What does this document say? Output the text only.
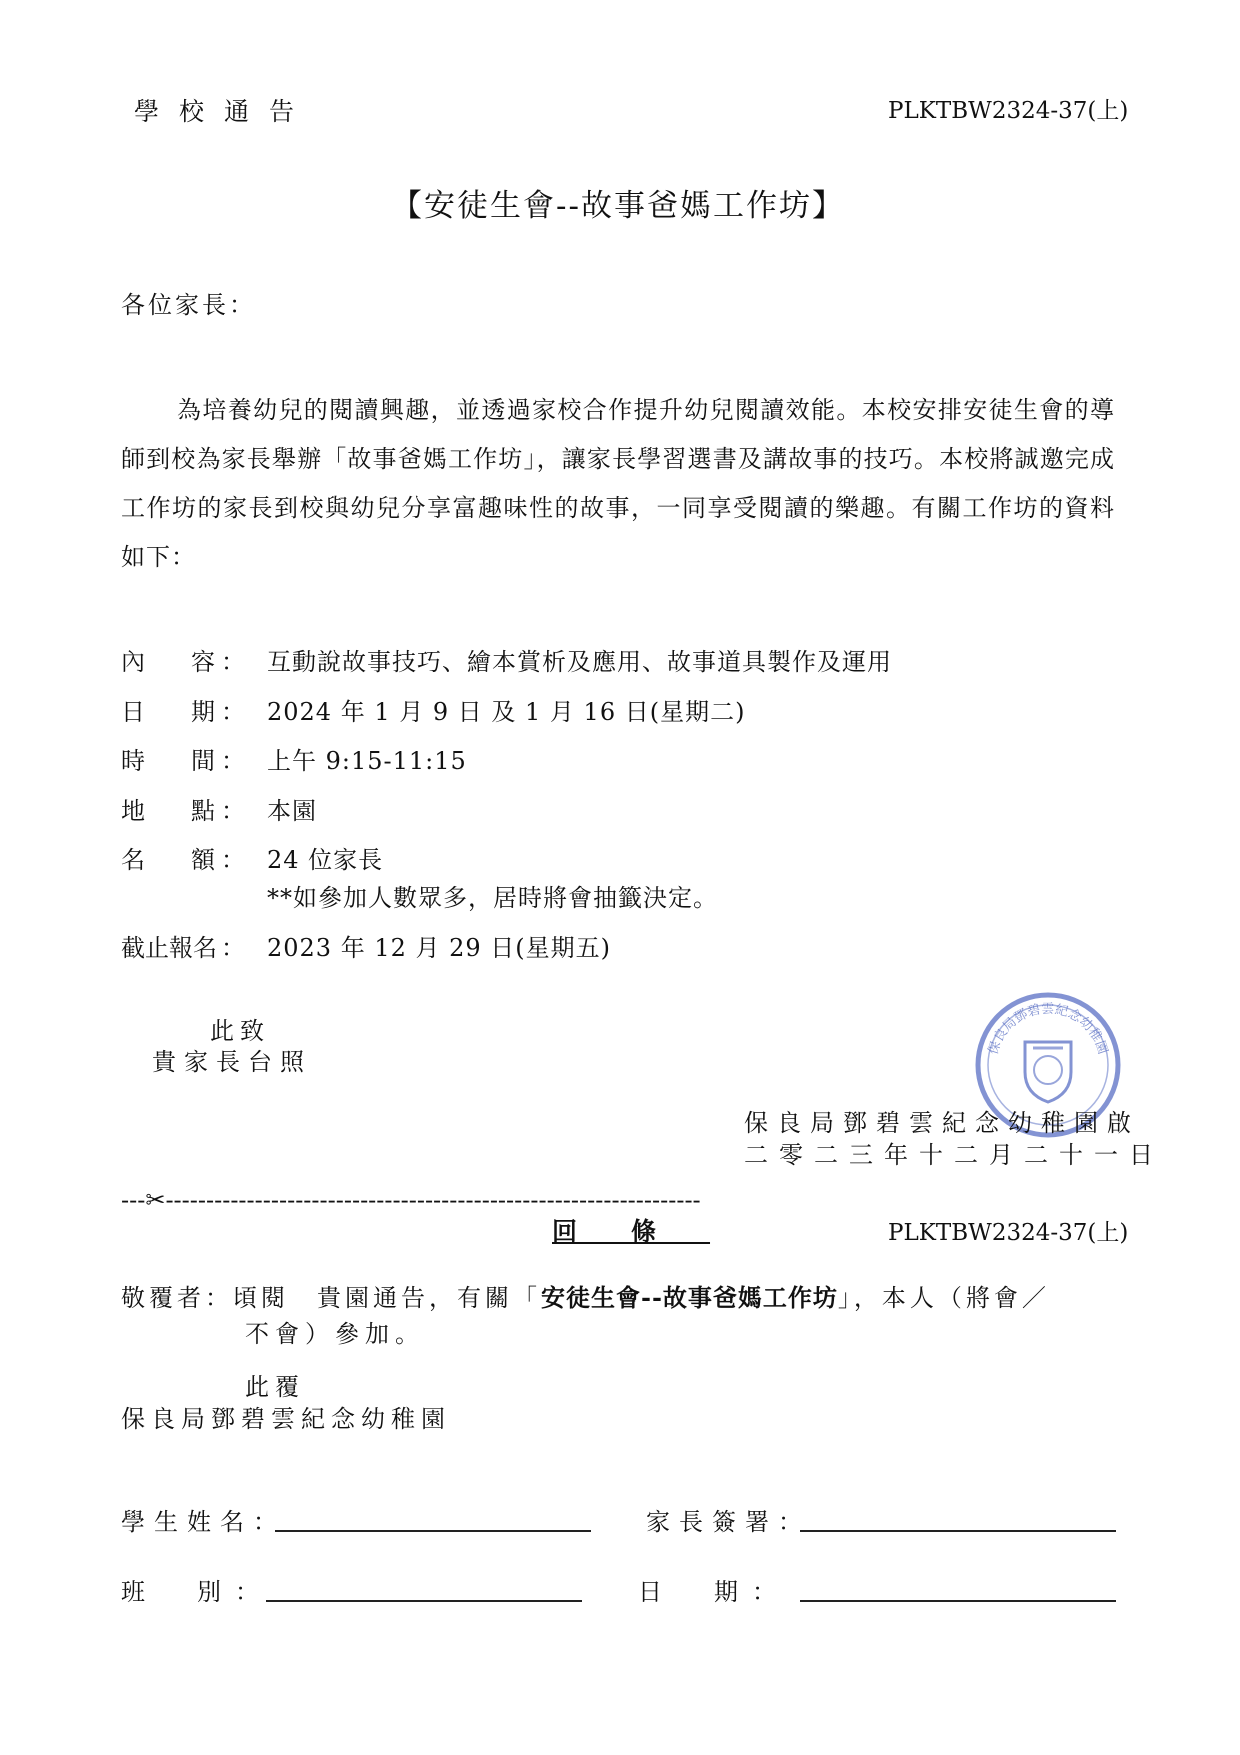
學校通告	PLKTBW2324-37(上)
【安徒生會--故事爸媽工作坊】
各位家長：

為培養幼兒的閱讀興趣，並透過家校合作提升幼兒閱讀效能。本校安排安徒生會的導師到校為家長舉辦「故事爸媽工作坊」，讓家長學習選書及講故事的技巧。本校將誠邀完成工作坊的家長到校與幼兒分享富趣味性的故事，一同享受閱讀的樂趣。有關工作坊的資料如下：

內容 ： 互動說故事技巧、繪本賞析及應用、故事道具製作及運用
日期 ： 2024 年 1 月 9 日 及 1 月 16 日(星期二)
時間 ： 上午 9:15-11:15
地點 ： 本園
名額 ： 24 位家長
**如參加人數眾多，居時將會抽籤決定。
截止報名 ： 2023 年 12 月 29 日(星期五)
此致
貴家長台照
保良局鄧碧雲紀念幼稚園
保良局鄧碧雲紀念幼稚園啟
二零二三年十二月二十一日
---✂------------------------------------------------------------------
回條	PLKTBW2324-37(上)
敬覆者：頃閱　貴園通告，有關「安徒生會--故事爸媽工作坊」，本人（將會／
不會）參加。
此覆
保良局鄧碧雲紀念幼稚園
學生姓名：	家長簽署：
班　別：	日　期：
